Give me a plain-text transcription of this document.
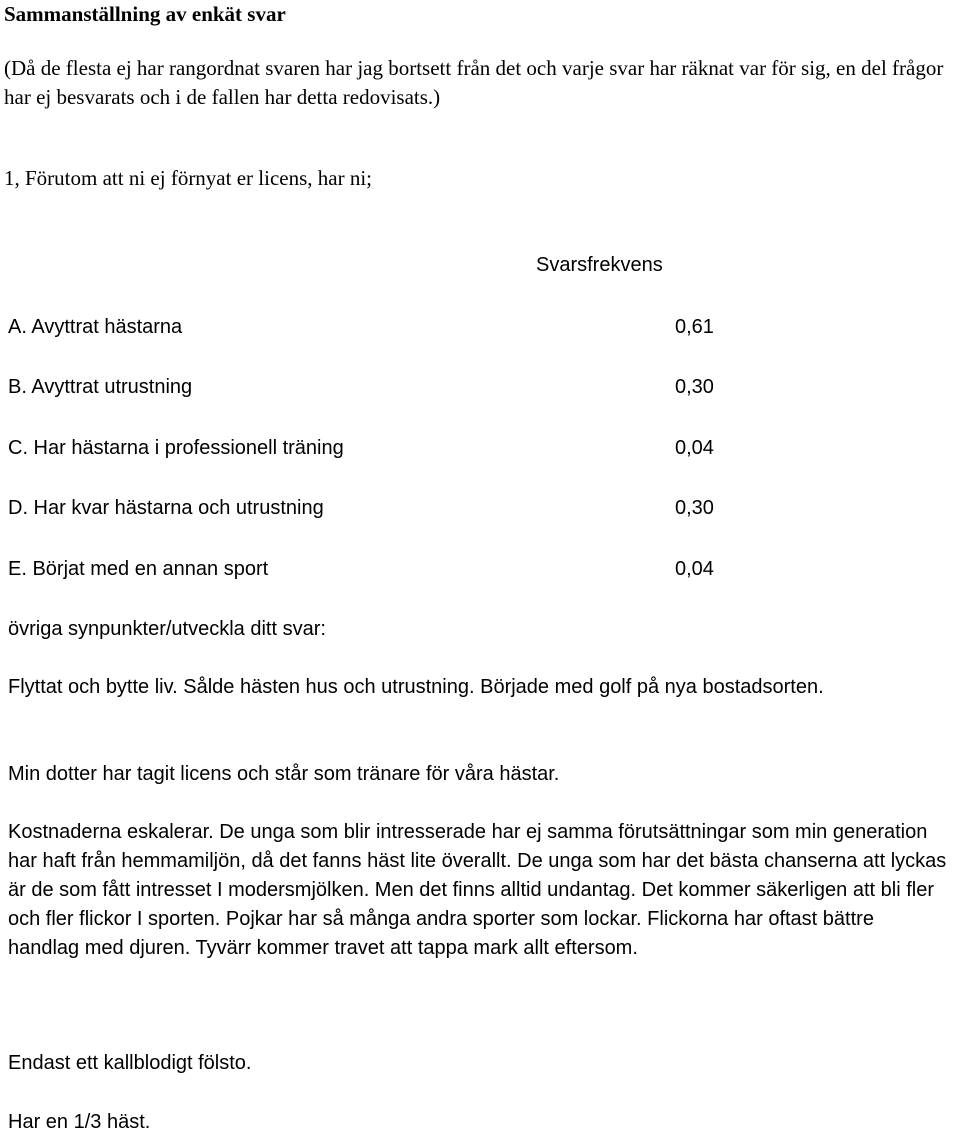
Sammanställning av enkät svar

(Då de flesta ej har rangordnat svaren har jag bortsett från det och varje svar har räknat var för sig, en del frågor har ej besvarats och i de fallen har detta redovisats.)

1, Förutom att ni ej förnyat er licens, har ni;

Svarsfrekvens
A. Avyttrat hästarna	0,61
B. Avyttrat utrustning	0,30
C. Har hästarna i professionell träning	0,04
D. Har kvar hästarna och utrustning	0,30
E. Börjat med en annan sport	0,04
övriga synpunkter/utveckla ditt svar:

Flyttat och bytte liv. Sålde hästen hus och utrustning. Började med golf på nya bostadsorten.

Min dotter har tagit licens och står som tränare för våra hästar.

Kostnaderna eskalerar. De unga som blir intresserade har ej samma förutsättningar som min generation har haft från hemmamiljön, då det fanns häst lite överallt. De unga som har det bästa chanserna att lyckas är de som fått intresset I modersmjölken. Men det finns alltid undantag. Det kommer säkerligen att bli fler och fler flickor I sporten. Pojkar har så många andra sporter som lockar. Flickorna har oftast bättre handlag med djuren. Tyvärr kommer travet att tappa mark allt eftersom.

Endast ett kallblodigt fölsto.

Har en 1/3 häst.
